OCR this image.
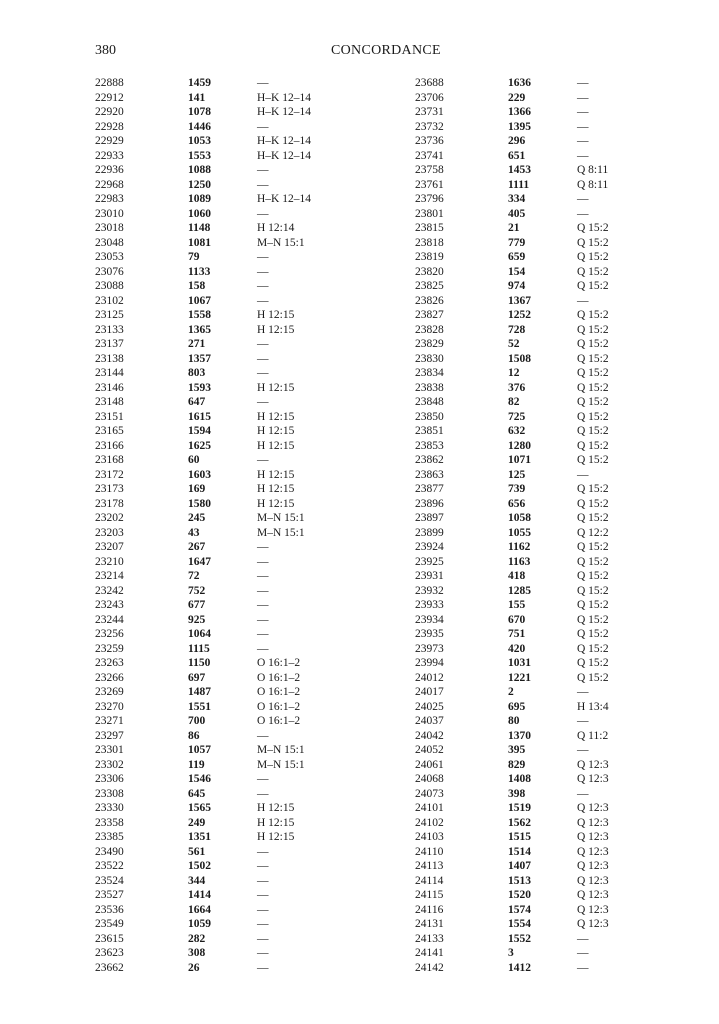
380	CONCORDANCE
22888	1459	—
22912	141	H–K 12–14
22920	1078	H–K 12–14
22928	1446	—
22929	1053	H–K 12–14
22933	1553	H–K 12–14
22936	1088	—
22968	1250	—
22983	1089	H–K 12–14
23010	1060	—
23018	1148	H 12:14
23048	1081	M–N 15:1
23053	79	—
23076	1133	—
23088	158	—
23102	1067	—
23125	1558	H 12:15
23133	1365	H 12:15
23137	271	—
23138	1357	—
23144	803	—
23146	1593	H 12:15
23148	647	—
23151	1615	H 12:15
23165	1594	H 12:15
23166	1625	H 12:15
23168	60	—
23172	1603	H 12:15
23173	169	H 12:15
23178	1580	H 12:15
23202	245	M–N 15:1
23203	43	M–N 15:1
23207	267	—
23210	1647	—
23214	72	—
23242	752	—
23243	677	—
23244	925	—
23256	1064	—
23259	1115	—
23263	1150	O 16:1–2
23266	697	O 16:1–2
23269	1487	O 16:1–2
23270	1551	O 16:1–2
23271	700	O 16:1–2
23297	86	—
23301	1057	M–N 15:1
23302	119	M–N 15:1
23306	1546	—
23308	645	—
23330	1565	H 12:15
23358	249	H 12:15
23385	1351	H 12:15
23490	561	—
23522	1502	—
23524	344	—
23527	1414	—
23536	1664	—
23549	1059	—
23615	282	—
23623	308	—
23662	26	—
23688	1636	—
23706	229	—
23731	1366	—
23732	1395	—
23736	296	—
23741	651	—
23758	1453	Q 8:11
23761	1111	Q 8:11
23796	334	—
23801	405	—
23815	21	Q 15:2
23818	779	Q 15:2
23819	659	Q 15:2
23820	154	Q 15:2
23825	974	Q 15:2
23826	1367	—
23827	1252	Q 15:2
23828	728	Q 15:2
23829	52	Q 15:2
23830	1508	Q 15:2
23834	12	Q 15:2
23838	376	Q 15:2
23848	82	Q 15:2
23850	725	Q 15:2
23851	632	Q 15:2
23853	1280	Q 15:2
23862	1071	Q 15:2
23863	125	—
23877	739	Q 15:2
23896	656	Q 15:2
23897	1058	Q 15:2
23899	1055	Q 12:2
23924	1162	Q 15:2
23925	1163	Q 15:2
23931	418	Q 15:2
23932	1285	Q 15:2
23933	155	Q 15:2
23934	670	Q 15:2
23935	751	Q 15:2
23973	420	Q 15:2
23994	1031	Q 15:2
24012	1221	Q 15:2
24017	2	—
24025	695	H 13:4
24037	80	—
24042	1370	Q 11:2
24052	395	—
24061	829	Q 12:3
24068	1408	Q 12:3
24073	398	—
24101	1519	Q 12:3
24102	1562	Q 12:3
24103	1515	Q 12:3
24110	1514	Q 12:3
24113	1407	Q 12:3
24114	1513	Q 12:3
24115	1520	Q 12:3
24116	1574	Q 12:3
24131	1554	Q 12:3
24133	1552	—
24141	3	—
24142	1412	—
